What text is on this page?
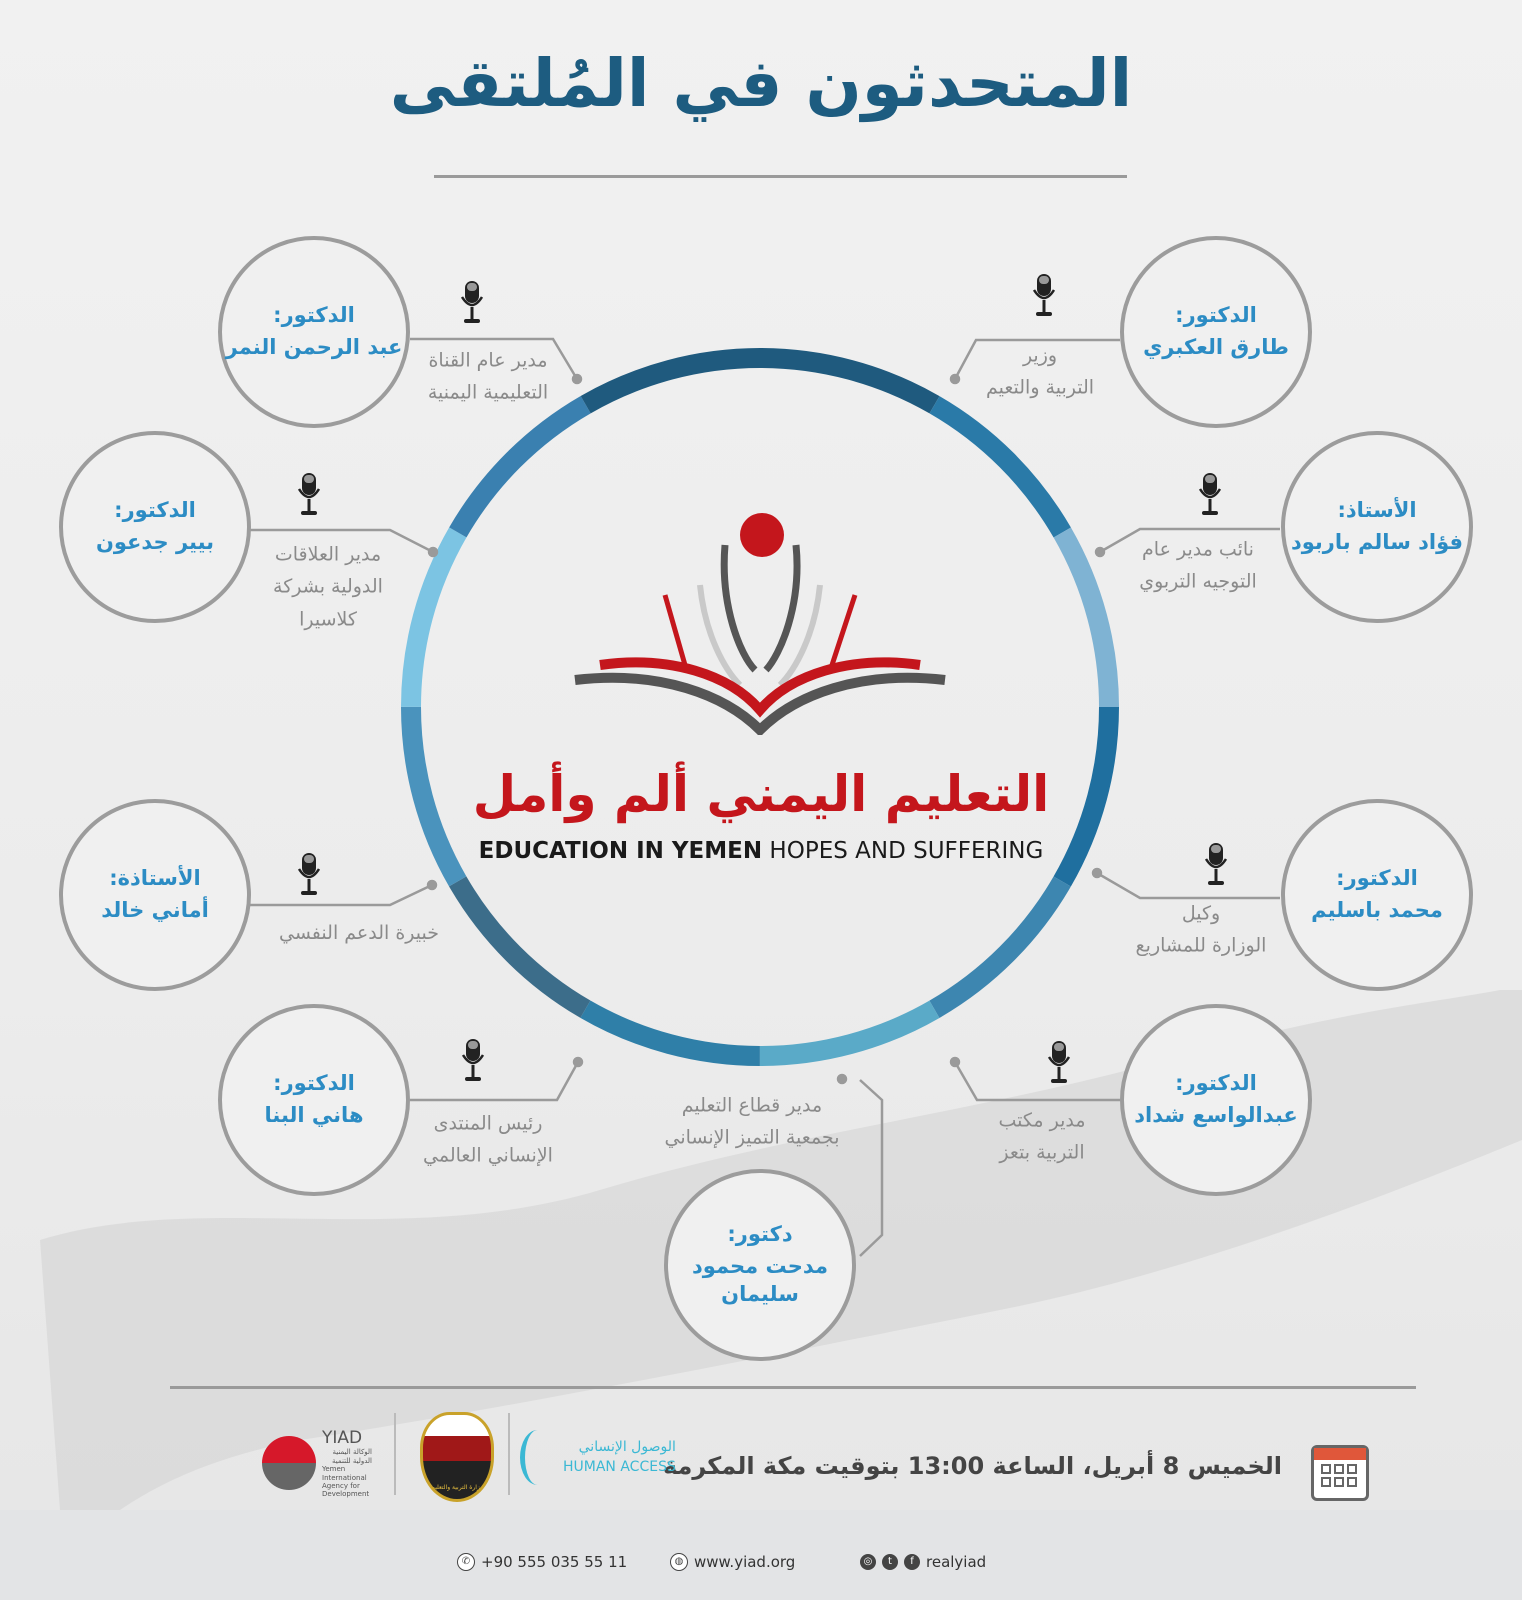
المتحدثون في المُلتقى
التعليم اليمني ألم وأمل
EDUCATION IN YEMEN HOPES AND SUFFERING
الدكتور:
طارق العكبري
وزير
التربية والتعيم
الأستاذ:
فؤاد سالم باربود
نائب مدير عام
التوجيه التربوي
الدكتور:
محمد باسليم
وكيل
الوزارة للمشاريع
الدكتور:
عبدالواسع شداد
مدير مكتب
التربية بتعز
دكتور:
مدحت محمود سليمان
مدير قطاع التعليم
بجمعية التميز الإنساني
الدكتور:
هاني البنا	رئيس المنتدى
الإنساني العالمي
الأستاذة:
أماني خالد
خبيرة الدعم النفسي
الدكتور:
بيير جدعون
مدير العلاقات
الدولية بشركة
كلاسيرا
الدكتور:
عبد الرحمن النمر
مدير عام القناة
التعليمية اليمنية
الخميس 8 أبريل، الساعة 13:00 بتوقيت مكة المكرمة
الوصول الإنساني
HUMAN ACCESS
وزارة التربية والتعليم
YIAD
الوكالة اليمنية الدولية للتنمية
Yemen International Agency for Development
✆ +90 555 035 55 11	◍ www.yiad.org	◎	t	f realyiad
